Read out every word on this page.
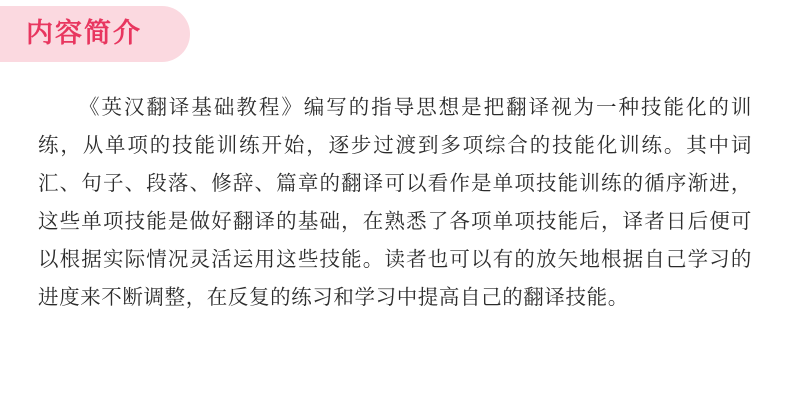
内容简介
《英汉翻译基础教程》编写的指导思想是把翻译视为一种技能化的训练，从单项的技能训练开始，逐步过渡到多项综合的技能化训练。其中词汇、句子、段落、修辞、篇章的翻译可以看作是单项技能训练的循序渐进，这些单项技能是做好翻译的基础，在熟悉了各项单项技能后，译者日后便可以根据实际情况灵活运用这些技能。读者也可以有的放矢地根据自己学习的进度来不断调整，在反复的练习和学习中提高自己的翻译技能。
